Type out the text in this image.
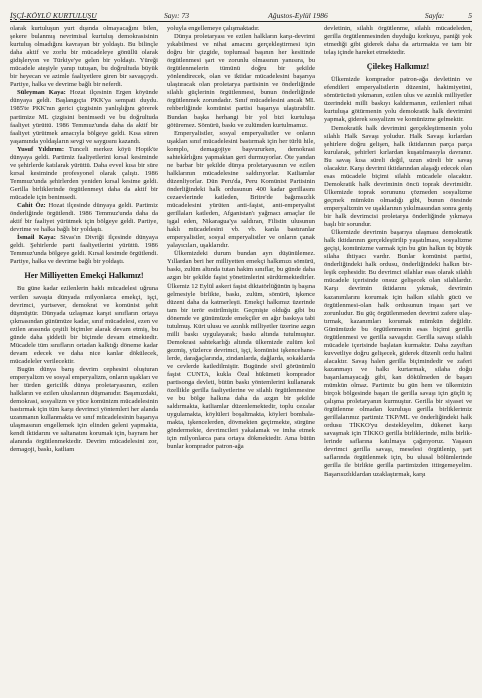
İŞÇİ-KÖYLÜ KURTULUŞU	Sayı: 73	Ağustos-Eylül 1986	Sayfa:	5

olarak kurtuluşun yurt dışında olmayacağını bilen, şekere bulanmış nevrimisal kurtuluş demokrasisinin kurtuluş olmadığını kavrayan bir yoldaştı. Bu bilinçle daha aktif ve zorlu bir mücadeleye gönüllü olarak gidişleryon ve Türkiye'ye gelen bir yoldaştı. Yüreği mücadele ateşiyle yanıp tutuşan, bu doğrultuda büyük bir heyecan ve azimle faaliyetlere giren bir savaşçıydı. Partiye, halka ve devrime bağlı bir neferdi.

Süleyman Kaya: Hozat ilçesinin Ergen köyünde dünyaya geldi. Başlangıçta PKK'ya sempati duydu. 1985'te PKK'nın gerici çizgisinin yanlışlığını görerek partimize ML çizgisini benimsedi ve bu doğrultuda faaliyet yürüttü. 1986 Temmuz'unda daha da aktif bir faaliyet yürütmek amacıyla bölgeye geldi. Kısa süren yaşamında yoldaşların sevgi ve saygısını kazandı.

Yusuf Yıldırım: Tunceli merkez köyü Hopik'te dünyaya geldi. Partimiz faaliyetlerini kırsal kesiminde ve şehirlerde katılarak yürüttü. Daha evvel kısa bir süre kırsal kesiminde profesyonel olarak çalıştı. 1986 Temmuz'unda şehirlerden yeniden kırsal kesime geldi. Gerilla birliklerinde örgütlenmeyi daha da aktif bir mücadele için benimsedi.

Cahit Öz: Hozat ilçesinde dünyaya geldi. Partimiz önderliğinde örgütlendi. 1986 Temmuz'unda daha da aktif bir faaliyet yürütmek için bölgeye geldi. Partiye, devrime ve halka bağlı bir yoldaştı.

İsmail Kaya: Sivas'ın Divriği ilçesinde dünyaya geldi. Şehirlerde parti faaliyetlerini yürüttü. 1986 Temmuz'unda bölgeye geldi. Kırsal kesimde örgütlendi. Partiye, halka ve devrime bağlı bir yoldaştı.

Her Milliyetten Emekçi Halkımız!

Bu güne kadar ezilenlerin haklı mücadelesi uğruna verilen savaşta dünyada milyonlarca emekçi, işçi, devrimci, yurtsever, demokrat ve komünist şehit düşmüştür. Dünyada uzlaşmaz karşıt sınıfların ortaya çıkmasından günümüze kadar, sınıf mücadelesi, ezen ve ezilen arasında çeşitli biçimler alarak devam etmiş, bu günde daha şiddetli bir biçimde devam etmektedir. Mücadele tüm sınıfların ortadan kalktığı döneme kadar devam edecek ve daha nice kanlar dökülecek, mücadeleler verilecektir.

Bugün dünya barış devrim cephesini oluşturan emperyalizm ve sosyal emperyalizm, onların uşakları ve her türden gericilik dünya proletaryasının, ezilen halkların ve ezilen uluslarının düşmanıdır. Başımızdaki, demokrasi, sosyalizm ve yüce komünizm mücadelesinin bastırmak için tüm karşı devrimci yöntemleri her alanda uzanmanın kullanmakta ve sınıf mücadelesinin başarıya ulaşmasının engellemek için elinden geleni yapmakta, kendi iktidarını ve saltanatını korumak için, bayram her alanında örgütlenmektedir. Devrim mücadelesini zor, demagoji, baskı, katliam

yoluyla engellemeye çalışmaktadır.

Dünya proletaryası ve ezilen halkların karşı-devrimi yıkabilmesi ve nihai amacını gerçekleştirmesi için doğru bir çizgide, toplumsal başının her kesitinde örgütlenmesi şart ve zorunlu olmasının yanısıra, bu örgütlenmelerin tümünü doğru bir şekilde yönlendirecek, olan ve iktidar mücadelesini başarıya ulaştıracak olan proletarya partisinin ve önderliğinde silahlı güçlerinin örgütlenmesi, bunun önderliğinde örgütlenmek zorundadır. Sınıf mücadelesini ancak ML rehberliğinde komünist partisi başarıya ulaştırabilir. Bundan başka herhangi bir yol bizi kurtuluşa götüremez. Sömürü, baskı ve zulümden kurtulmamız.

Emperyalistler, sosyal emperyalistler ve onların uşakları sınıf mücadelesini bastırmak için her türlü hile, komplo, demagojiye başvururken, demokrasi sahtekârlığını yapmaktan geri durmuyorlar. Öte yandan ne barbar bir şekilde dünya proletaryasının ve ezilen halklarının mücadelesine saldırıyorlar. Katliamlar düzenliyorlar. Dün Peru'da, Peru Komünist Partisinin önderliğindeki halk ordusunun 400 kadar gerillasını cezaevlerinde katleden, Britre'de bağımsızlık mücadelesini yürüten anti-faşist, anti-emperyalist gerillaları katleden, Afganistan'ı yağmacı amaçlar ile işgal eden, Nikaragua'ya saldıran, Filistin ulusunun haklı mücadelesini vb. vb. kanla bastıranlar emperyalistler, sosyal emperyalistler ve onların çanak yalayıcıları, uşaklarıdır.

Ülkemizdeki durum bundan ayrı düşünülemez. Yıllardan beri her milliyetten emekçi halkımızı sömürü, baskı, zulüm altında tutan hakim sınıflar, bu günde daha azgın bir şekilde faşist yönetimlerini sürdürmektedirler. Ülkemiz 12 Eylül askeri faşist diktatörlüğünün iş başına gelmesiyle birlikte, baskı, zulüm, sömürü, işkence düzeni daha da katmerleşti. Emekçi halkımız üzerinde tam bir terör estirilmiştir. Geçmişte olduğu gibi bu dönemde ve günümüzde emekçiler en ağır baskıya tabi tutulmuş. Kürt ulusu ve azınlık milliyetler üzerine azgın milli baskı uygulayarak; baskı altında tutulmuştur. Demokrasi sahtekarlığı altında ülkemizde zulüm kol gezmiş, yüzlerce devrimci, işçi, komünist işkencehanelerde, darağaçlarında, zindanlarda, dağlarda, sokaklarda ve cevlerde katledilmiştir. Bugünde sivil görünümlü faşist CUNTA, kukla Özal hükümeti komprador partisonga devleti, bütün baskı yöntemlerini kullanarak özellikle gerilla faaliyetlerine ve silahlı örgütlenmesine ve bu bölge halkına daha da azgın bir şekilde saldırmakta, katliamlar düzenlemektedir, toplu cezalar uygulamakta, köylüleri boşaltmakta, köyleri bombalamakta, işkencelerden, dövmekten geçirmekte, sürgüne göndermekte, devrimcileri yakalamak ve imha etmek için milyonlarca para ortaya dökmektedir. Ama bütün bunlar komprador patron-ağa

devletinin, silahlı örgütlenme, silahlı mücadeleden, gerilla örgütlenmesinden duyduğu korkuyu, paniği yok etmediği gibi giderek daha da artırmakta ve tam bir telaş içinde hareket etmektedir.

Çilekeş Halkımız!

Ülkemizde komprador patron-ağa devletinin ve efendileri emperyalistlerin düzenini, hakimiyetini, sömürücüsü yıkmanın, ezilen ulus ve azınlık milliyetler üzerindeki milli baskıyı kaldırmanın, ezilenleri nihai kurtuluşa götürmenin yolu demokratik halk devrimini yapmak, giderek sosyalizm ve komünizme gelmektir.

Demokratik halk devrimini gerçekleştirmenin yolu silahlı Halk Savaşı yoludur. Halk Savaşı kırlardan şehirlere doğru gelişen, halk iktidarının parça parça kurularak, şehirleri kırlardan kuşatılmasıyla davranır. Bu savaş kısa süreli değil, uzun süreli bir savaş olacaktır. Karşı devrimi iktidarından alaşağı edecek olan esas mücadele biçimi silahlı mücadele olacaktır. Demokratik halk devriminin öncü toprak devrimidir. Ülkemizde toprak sorununu çözmeden sosyalizme geçmek mümkün olmadığı gibi, bunun ötesinde emperyalizmin ve uşaklarının yıkılmasından sonra geniş bir halk devrimcisi proletarya önderliğinde yıkmaya başlı bir sorundur.

Ülkemizde devrimin başarıya ulaşması demokratik halk iktidarının gerçekleştirilip yaşatılması, sosyalizme geçişi, komünizme varmak için bu gün halkın üç büyük silaha ihtiyacı vardır. Bunlar komünist partisi, önderliğindeki halk ordusu, önderliğindeki halkın birleşik cephesidir. Bu devrimci silahlar esas olarak silahlı mücadele içerisinde onsuz gelişecek olan silahlardır. Karşı devrimin iktidarını yıkmak, devrimin kazanımlarını korumak için halkın silahlı gücü ve örgütlenmesi-olan halk ordusunun inşası şart ve zorunludur. Bu güç örgütlenmeden devrimi zafere ulaştırmak, kazanımları korumak mümkün değildir. Günümüzde bu örgütlenmenin esas biçimi gerilla örgütlenmesi ve gerilla savaşıdır. Gerilla savaşı silahlı mücadele içerisinde başlatan kurmaktır. Daha zayıftan kuvvetliye doğru gelişecek, giderek düzenli ordu halini alacaktır. Savaş halen gerilla biçimindedir ve zaferi kazanmayı ve halkı kurtarmak, silaha doğu başarılamayacağı gibi, kan dökülmeden de başarı mümkün olmaz. Partimiz bu gün hem ve ülkemizin birçok bölgesinde başarı ile gerilla savaşı için güçlü iç çalışma proletaryanın kurmuştur. Gerilla bir siyaset ve örgütlenme olmadan kuruluşu gerilla birliklerimiz gerillalarımız partimiz TKP/ML ve önderliğindeki halk ordusu TİKKO'yu destekleyelim, dükenet karşı savaşmak için TİKKO gerilla birliklerinde, milis birliklerinde saflarına katılmaya çağırıyoruz. Yaşasın devrimci gerilla savaşı, meselesi örgütlenip, şart saflarında örgütlenmek için, bu ulusal bölümlerinde gerilla ile birlikte gerilla partimizden ittirgemeyelim. Başarısızlıklardan uzaklaştırmak, karşı
